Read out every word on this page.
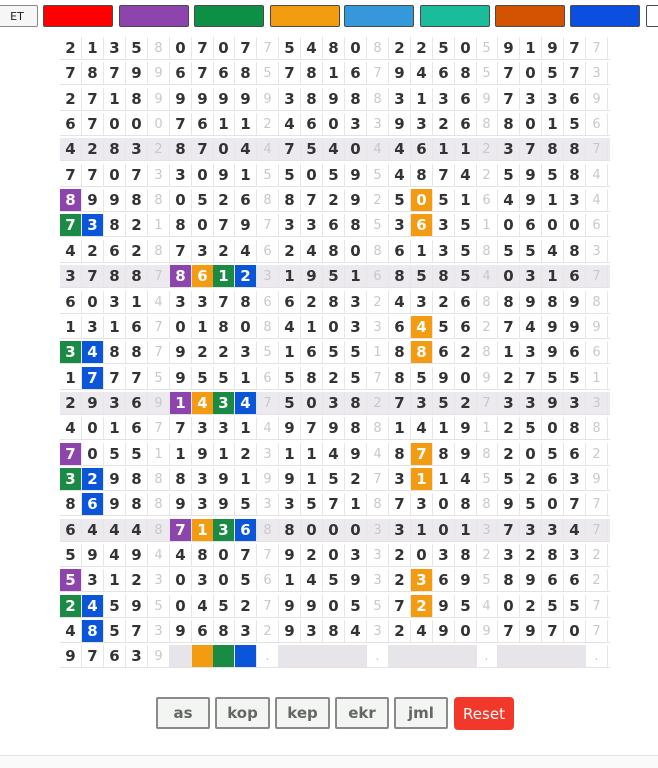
ET
2 1 3 5 8 0 7 0 7 7 5 4 8 0 8 2 2 5 0 5 9 1 9 7 7
7 8 7 9 9 6 7 6 8 5 7 8 1 6 7 9 4 6 8 5 7 0 5 7 3
2 7 1 8 9 9 9 9 9 9 3 8 9 8 8 3 1 3 6 9 7 3 3 6 9
6 7 0 0 0 7 6 1 1 2 4 6 0 3 3 9 3 2 6 8 8 0 1 5 6
4 2 8 3 2 8 7 0 4 4 7 5 4 0 4 4 6 1 1 2 3 7 8 8 7
7 7 0 7 3 3 0 9 1 5 5 0 5 9 5 4 8 7 4 2 5 9 5 8 4
8 9 9 8 8 0 5 2 6 8 8 7 2 9 2 5 0 5 1 6 4 9 1 3 4
7 3 8 2 1 8 0 7 9 7 3 3 6 8 5 3 6 3 5 1 0 6 0 0 6
4 2 6 2 8 7 3 2 4 6 2 4 8 0 8 6 1 3 5 8 5 5 4 8 3
3 7 8 8 7 8 6 1 2 3 1 9 5 1 6 8 5 8 5 4 0 3 1 6 7
6 0 3 1 4 3 3 7 8 6 6 2 8 3 2 4 3 2 6 8 8 9 8 9 8
1 3 1 6 7 0 1 8 0 8 4 1 0 3 3 6 4 5 6 2 7 4 9 9 9
3 4 8 8 7 9 2 2 3 5 1 6 5 5 1 8 8 6 2 8 1 3 9 6 6
1 7 7 7 5 9 5 5 1 6 5 8 2 5 7 8 5 9 0 9 2 7 5 5 1
2 9 3 6 9 1 4 3 4 7 5 0 3 8 2 7 3 5 2 7 3 3 9 3 3
4 0 1 6 7 7 3 3 1 4 9 7 9 8 8 1 4 1 9 1 2 5 0 8 8
7 0 5 5 1 1 9 1 2 3 1 1 4 9 4 8 7 8 9 8 2 0 5 6 2
3 2 9 8 8 8 3 9 1 9 9 1 5 2 7 3 1 1 4 5 5 2 6 3 9
8 6 9 8 8 9 3 9 5 3 3 5 7 1 8 7 3 0 8 8 9 5 0 7 7
6 4 4 4 8 7 1 3 6 8 8 0 0 0 3 3 1 0 1 3 7 3 3 4 7
5 9 4 9 4 4 8 0 7 7 9 2 0 3 3 2 0 3 8 2 3 2 8 3 2
5 3 1 2 3 0 3 0 5 6 1 4 5 9 3 2 3 6 9 5 8 9 6 6 2
2 4 5 9 5 0 4 5 2 7 9 9 0 5 5 7 2 9 5 4 0 2 5 5 7
4 8 5 7 3 9 6 8 3 2 9 3 8 4 3 2 4 9 0 9 7 9 7 0 7
9 7 6 3 9	.	.	.	.
as	kop	kep	ekr	jml	Reset
